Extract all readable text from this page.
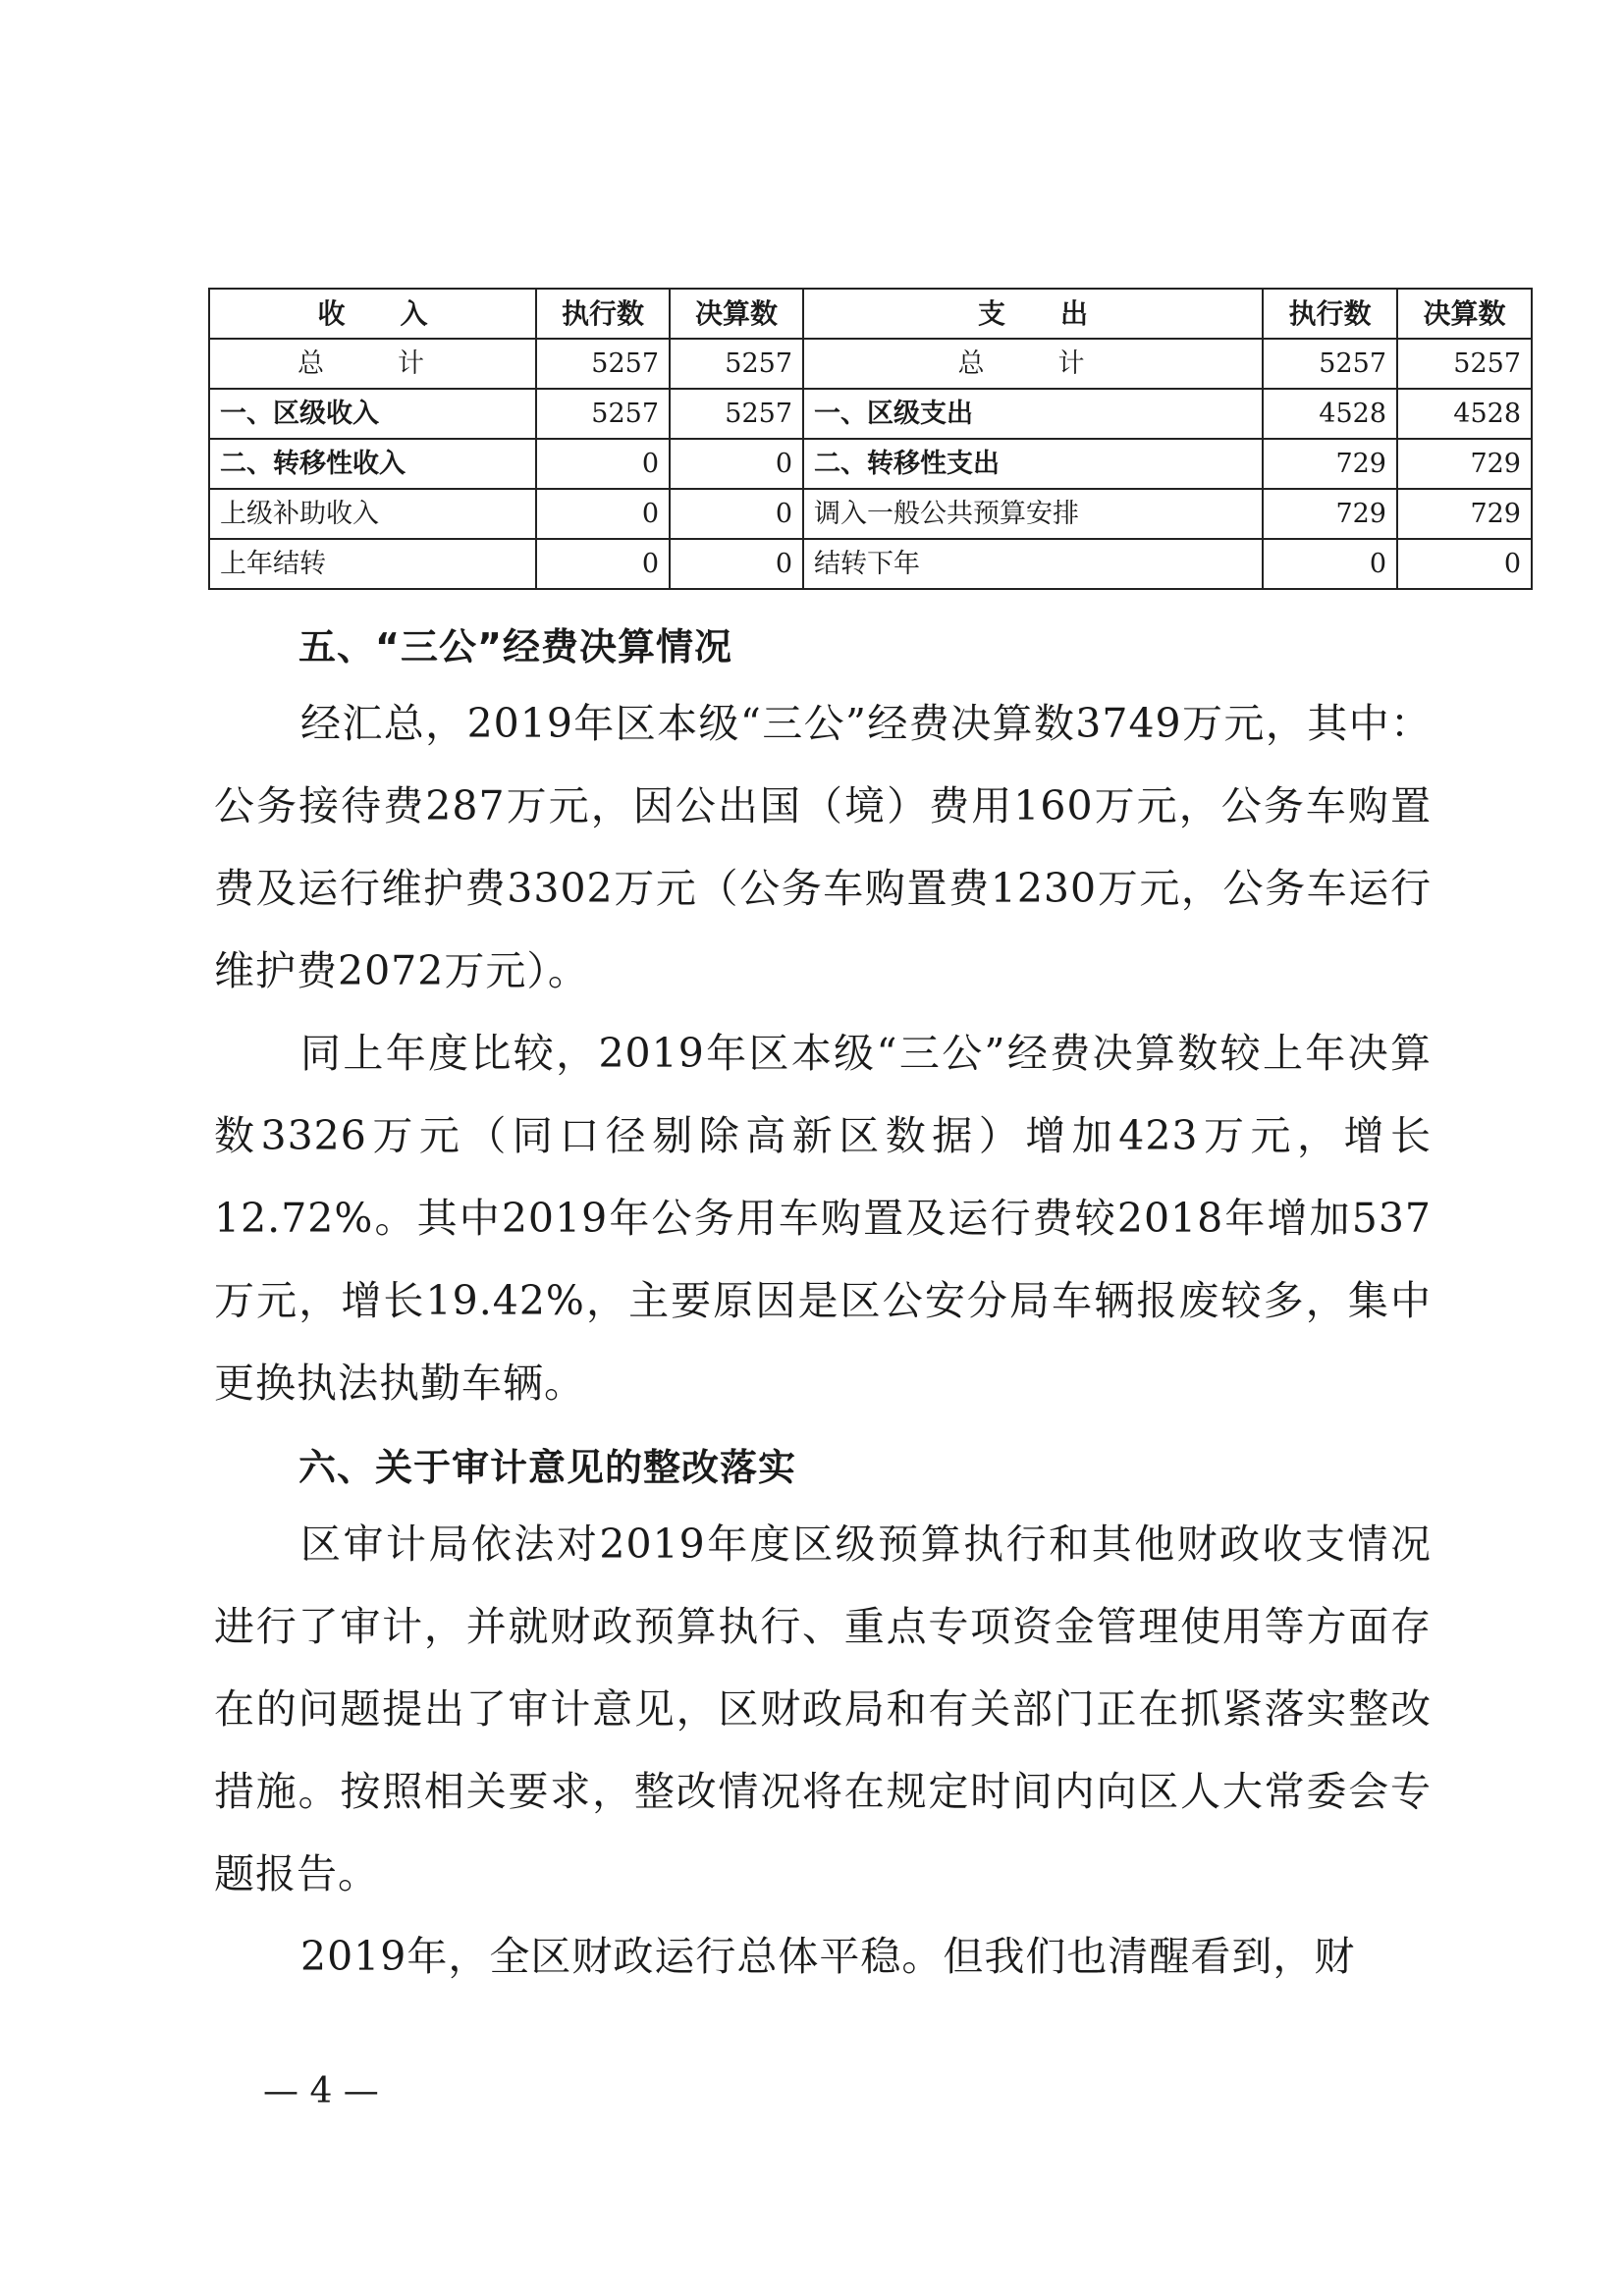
收　　入	执行数	决算数	支　　出	执行数	决算数
总　计	5257	5257	总　计	5257	5257
一、区级收入	5257	5257	一、区级支出	4528	4528
二、转移性收入	0	0	二、转移性支出	729	729
上级补助收入	0	0	调入一般公共预算安排	729	729
上年结转	0	0	结转下年	0	0
五、“三公”经费决算情况
经汇总，2019年区本级“三公”经费决算数3749万元，其中：公务接待费287万元，因公出国（境）费用160万元，公务车购置费及运行维护费3302万元（公务车购置费1230万元，公务车运行维护费2072万元）。
同上年度比较，2019年区本级“三公”经费决算数较上年决算数3326万元（同口径剔除高新区数据）增加423万元，增长12.72%。其中2019年公务用车购置及运行费较2018年增加537万元，增长19.42%，主要原因是区公安分局车辆报废较多，集中更换执法执勤车辆。
六、关于审计意见的整改落实
区审计局依法对2019年度区级预算执行和其他财政收支情况进行了审计，并就财政预算执行、重点专项资金管理使用等方面存在的问题提出了审计意见，区财政局和有关部门正在抓紧落实整改措施。按照相关要求，整改情况将在规定时间内向区人大常委会专题报告。
2019年，全区财政运行总体平稳。但我们也清醒看到，财
— 4 —
